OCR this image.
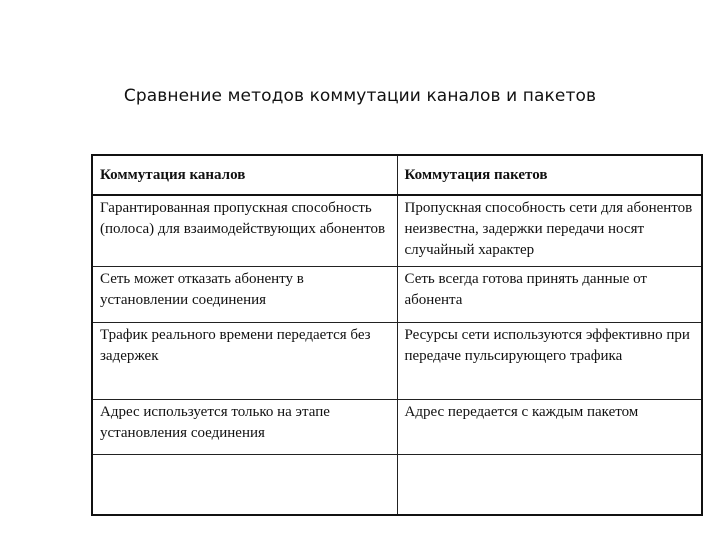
Сравнение методов коммутации каналов и пакетов
Коммутация каналов	Коммутация пакетов
Гарантированная пропускная способность (полоса) для взаимодействующих абонентов	Пропускная способность сети для абонентов неизвестна, задержки передачи носят случайный характер
Сеть может отказать абоненту в установлении соединения	Сеть всегда готова принять данные от абонента
Трафик реального времени передается без задержек	Ресурсы сети используются эффективно при передаче пульсирующего трафика
Адрес используется только на этапе установления соединения	Адрес передается с каждым пакетом
